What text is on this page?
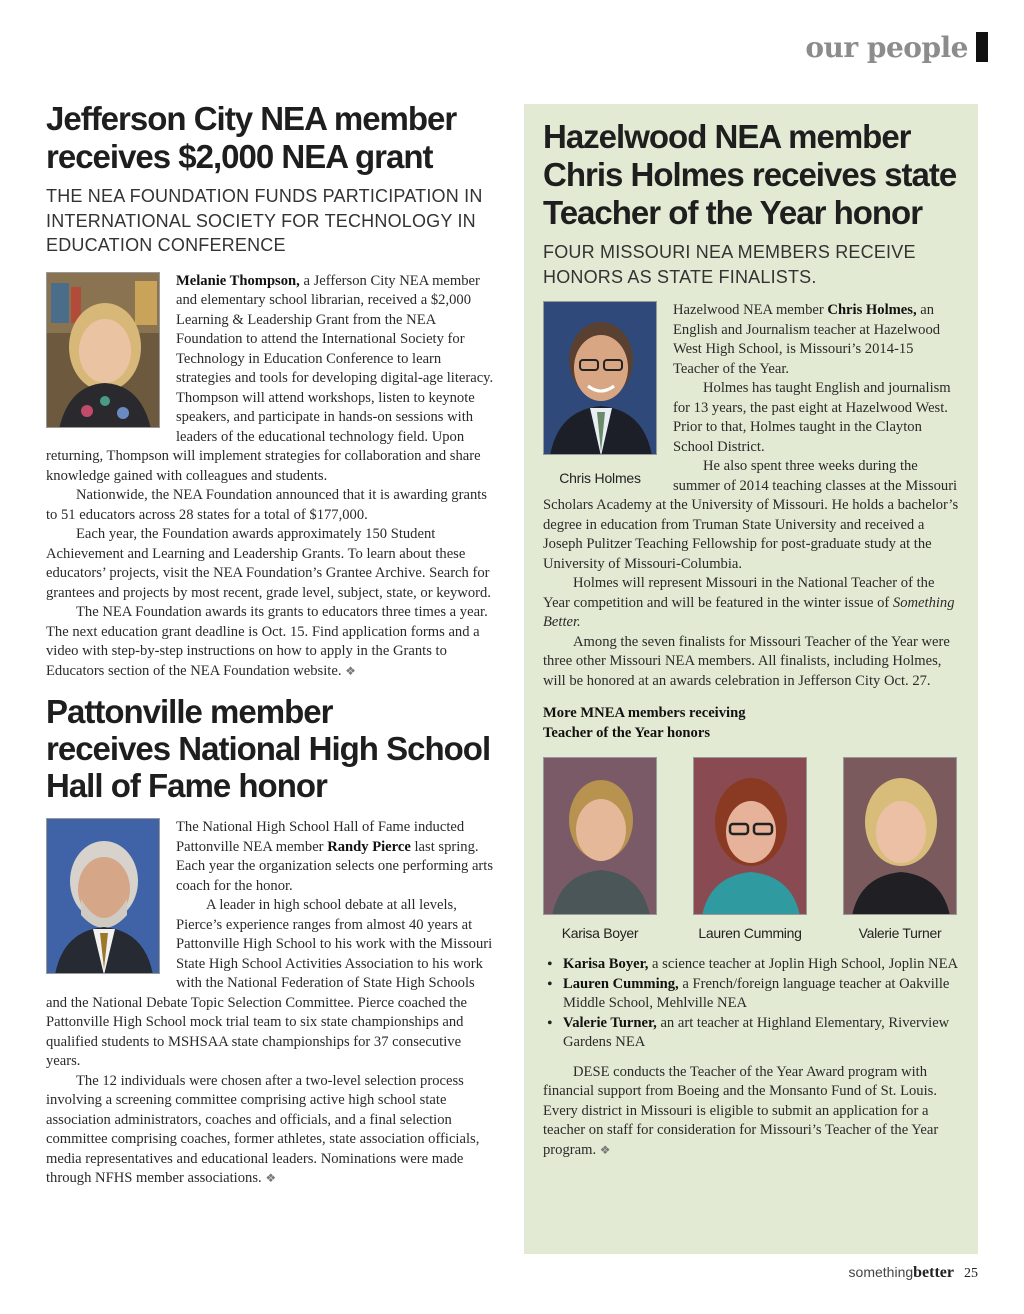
our people
Jefferson City NEA member
receives $2,000 NEA grant
THE NEA FOUNDATION FUNDS PARTICIPATION IN INTERNATIONAL SOCIETY FOR TECHNOLOGY IN EDUCATION CONFERENCE

Melanie Thompson, a Jefferson City NEA member and elementary school librarian, received a $2,000 Learning & Leadership Grant from the NEA Foundation to attend the International Society for Technology in Education Conference to learn strategies and tools for developing digital-age literacy. Thompson will attend workshops, listen to keynote speakers, and participate in hands-on sessions with leaders of the educational technology field. Upon returning, Thompson will implement strategies for collaboration and share knowledge gained with colleagues and students.

Nationwide, the NEA Foundation announced that it is awarding grants to 51 educators across 28 states for a total of $177,000.

Each year, the Foundation awards approximately 150 Student Achievement and Learning and Leadership Grants. To learn about these educators’ projects, visit the NEA Foundation’s Grantee Archive. Search for grantees and projects by most recent, grade level, subject, state, or keyword.

The NEA Foundation awards its grants to educators three times a year. The next education grant deadline is Oct. 15. Find application forms and a video with step-by-step instructions on how to apply in the Grants to Educators section of the NEA Foundation website. ❖

Pattonville member
receives National High School
Hall of Fame honor

The National High School Hall of Fame inducted Pattonville NEA member Randy Pierce last spring. Each year the organization selects one performing arts coach for the honor.

A leader in high school debate at all levels, Pierce’s experience ranges from almost 40 years at Pattonville High School to his work with the Missouri State High School Activities Association to his work with the National Federation of State High Schools and the National Debate Topic Selection Committee. Pierce coached the Pattonville High School mock trial team to six state championships and qualified students to MSHSAA state championships for 37 consecutive years.

The 12 individuals were chosen after a two-level selection process involving a screening committee comprising active high school state association administrators, coaches and officials, and a final selection committee comprising coaches, former athletes, state association officials, media representatives and educational leaders. Nominations were made through NFHS member associations. ❖

Hazelwood NEA member
Chris Holmes receives state
Teacher of the Year honor
FOUR MISSOURI NEA MEMBERS RECEIVE HONORS AS STATE FINALISTS.
Chris Holmes

Hazelwood NEA member Chris Holmes, an English and Journalism teacher at Hazelwood West High School, is Missouri’s 2014-15 Teacher of the Year.

Holmes has taught English and journalism for 13 years, the past eight at Hazelwood West. Prior to that, Holmes taught in the Clayton School District.

He also spent three weeks during the summer of 2014 teaching classes at the Missouri Scholars Academy at the University of Missouri. He holds a bachelor’s degree in education from Truman State University and received a Joseph Pulitzer Teaching Fellowship for post-graduate study at the University of Missouri-Columbia.

Holmes will represent Missouri in the National Teacher of the Year competition and will be featured in the winter issue of Something Better.

Among the seven finalists for Missouri Teacher of the Year were three other Missouri NEA members. All finalists, including Holmes, will be honored at an awards celebration in Jefferson City Oct. 27.

More MNEA members receiving
Teacher of the Year honors
Karisa Boyer	Lauren Cumming	Valerie Turner
• Karisa Boyer, a science teacher at Joplin High School, Joplin NEA
• Lauren Cumming, a French/foreign language teacher at Oakville Middle School, Mehlville NEA
• Valerie Turner, an art teacher at Highland Elementary, Riverview Gardens NEA

DESE conducts the Teacher of the Year Award program with financial support from Boeing and the Monsanto Fund of St. Louis. Every district in Missouri is eligible to submit an application for a teacher on staff for consideration for Missouri’s Teacher of the Year program. ❖

something better 25
